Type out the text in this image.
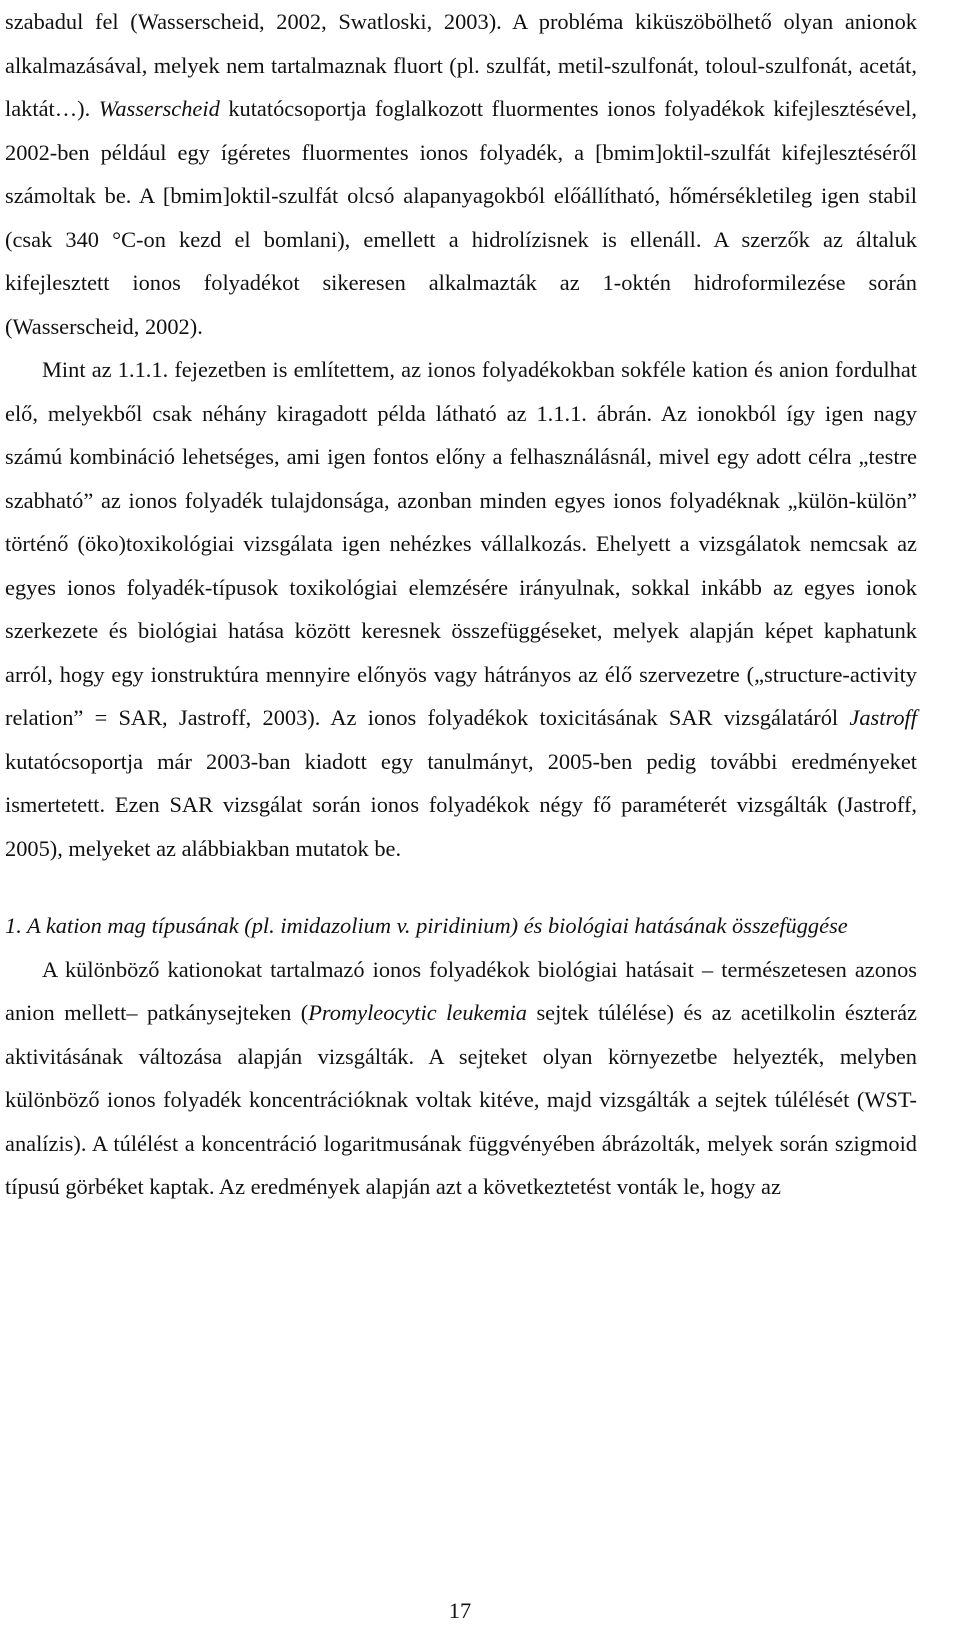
szabadul fel (Wasserscheid, 2002, Swatloski, 2003). A probléma kiküszöbölhető olyan anionok alkalmazásával, melyek nem tartalmaznak fluort (pl. szulfát, metil-szulfonát, toloul-szulfonát, acetát, laktát…). Wasserscheid kutatócsoportja foglalkozott fluormentes ionos folyadékok kifejlesztésével, 2002-ben például egy ígéretes fluormentes ionos folyadék, a [bmim]oktil-szulfát kifejlesztéséről számoltak be. A [bmim]oktil-szulfát olcsó alapanyagokból előállítható, hőmérsékletileg igen stabil (csak 340 °C-on kezd el bomlani), emellett a hidrolízisnek is ellenáll. A szerzők az általuk kifejlesztett ionos folyadékot sikeresen alkalmazták az 1-oktén hidroformilezése során (Wasserscheid, 2002).

Mint az 1.1.1. fejezetben is említettem, az ionos folyadékokban sokféle kation és anion fordulhat elő, melyekből csak néhány kiragadott példa látható az 1.1.1. ábrán. Az ionokból így igen nagy számú kombináció lehetséges, ami igen fontos előny a felhasználásnál, mivel egy adott célra „testre szabható” az ionos folyadék tulajdonsága, azonban minden egyes ionos folyadéknak „külön-külön” történő (öko)toxikológiai vizsgálata igen nehézkes vállalkozás. Ehelyett a vizsgálatok nemcsak az egyes ionos folyadék-típusok toxikológiai elemzésére irányulnak, sokkal inkább az egyes ionok szerkezete és biológiai hatása között keresnek összefüggéseket, melyek alapján képet kaphatunk arról, hogy egy ionstruktúra mennyire előnyös vagy hátrányos az élő szervezetre („structure-activity relation” = SAR, Jastroff, 2003). Az ionos folyadékok toxicitásának SAR vizsgálatáról Jastroff kutatócsoportja már 2003-ban kiadott egy tanulmányt, 2005-ben pedig további eredményeket ismertetett. Ezen SAR vizsgálat során ionos folyadékok négy fő paraméterét vizsgálták (Jastroff, 2005), melyeket az alábbiakban mutatok be.

1. A kation mag típusának (pl. imidazolium v. piridinium) és biológiai hatásának összefüggése

A különböző kationokat tartalmazó ionos folyadékok biológiai hatásait – természetesen azonos anion mellett– patkánysejteken (Promyleocytic leukemia sejtek túlélése) és az acetilkolin észteráz aktivitásának változása alapján vizsgálták. A sejteket olyan környezetbe helyezték, melyben különböző ionos folyadék koncentrációknak voltak kitéve, majd vizsgálták a sejtek túlélését (WST-analízis). A túlélést a koncentráció logaritmusának függvényében ábrázolták, melyek során szigmoid típusú görbéket kaptak. Az eredmények alapján azt a következtetést vonták le, hogy az

17
